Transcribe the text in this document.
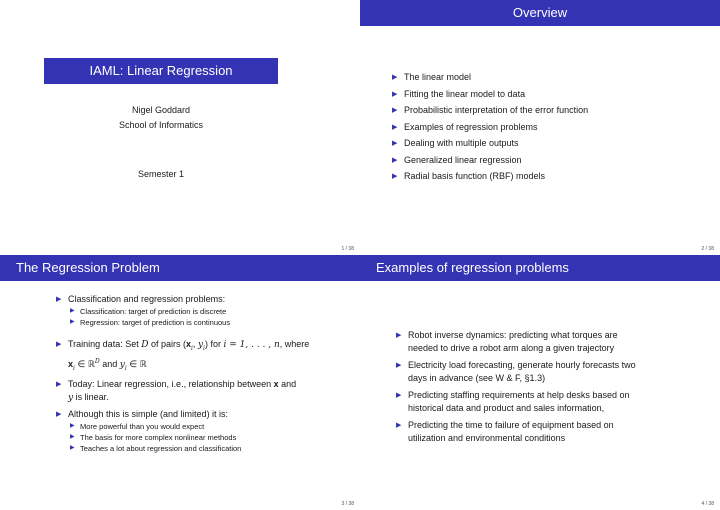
IAML: Linear Regression
Nigel Goddard
School of Informatics
Semester 1
1 / 38
Overview
▶ The linear model
▶ Fitting the linear model to data
▶ Probabilistic interpretation of the error function
▶ Examples of regression problems
▶ Dealing with multiple outputs
▶ Generalized linear regression
▶ Radial basis function (RBF) models
2 / 38
The Regression Problem
▶ Classification and regression problems:
▶ Classification: target of prediction is discrete
▶ Regression: target of prediction is continuous
▶ Training data: Set D of pairs ($x_i$, $y_i$) for i = 1, . . . , n, where
$x_i$ ∈ ℝ$^D$ and $y_i$ ∈ ℝ
▶ Today: Linear regression, i.e., relationship between x and
y is linear.
▶ Although this is simple (and limited) it is:
▶ More powerful than you would expect
▶ The basis for more complex nonlinear methods
▶ Teaches a lot about regression and classification
3 / 38
Examples of regression problems
▶ Robot inverse dynamics: predicting what torques are
needed to drive a robot arm along a given trajectory
▶ Electricity load forecasting, generate hourly forecasts two
days in advance (see W & F, §1.3)
▶ Predicting staffing requirements at help desks based on
historical data and product and sales information,
▶ Predicting the time to failure of equipment based on
utilization and environmental conditions
4 / 38
